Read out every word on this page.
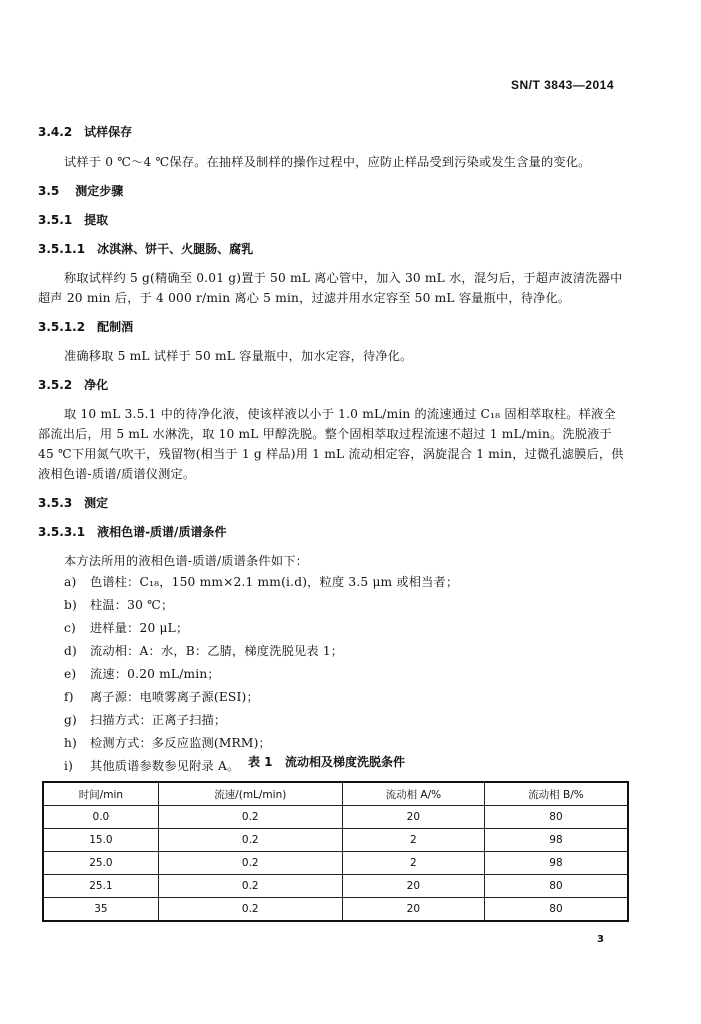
SN/T 3843—2014
3.4.2 试样保存
试样于 0 ℃～4 ℃保存。在抽样及制样的操作过程中，应防止样品受到污染或发生含量的变化。
3.5 测定步骤
3.5.1 提取
3.5.1.1 冰淇淋、饼干、火腿肠、腐乳
称取试样约 5 g(精确至 0.01 g)置于 50 mL 离心管中，加入 30 mL 水，混匀后，于超声波清洗器中
超声 20 min 后，于 4 000 r/min 离心 5 min，过滤并用水定容至 50 mL 容量瓶中，待净化。
3.5.1.2 配制酒
准确移取 5 mL 试样于 50 mL 容量瓶中，加水定容，待净化。
3.5.2 净化
取 10 mL 3.5.1 中的待净化液，使该样液以小于 1.0 mL/min 的流速通过 C₁₈ 固相萃取柱。样液全
部流出后，用 5 mL 水淋洗，取 10 mL 甲醇洗脱。整个固相萃取过程流速不超过 1 mL/min。洗脱液于
45 ℃下用氮气吹干，残留物(相当于 1 g 样品)用 1 mL 流动相定容，涡旋混合 1 min，过微孔滤膜后，供
液相色谱-质谱/质谱仪测定。
3.5.3 测定
3.5.3.1 液相色谱-质谱/质谱条件
本方法所用的液相色谱-质谱/质谱条件如下：
a) 色谱柱：C₁₈，150 mm×2.1 mm(i.d)，粒度 3.5 μm 或相当者；
b) 柱温：30 ℃；
c) 进样量：20 μL；
d) 流动相：A：水，B：乙腈，梯度洗脱见表 1；
e) 流速：0.20 mL/min；
f) 离子源：电喷雾离子源(ESI)；
g) 扫描方式：正离子扫描；
h) 检测方式：多反应监测(MRM)；
i) 其他质谱参数参见附录 A。 表 1   流动相及梯度洗脱条件
时间/min	流速/(mL/min)	流动相 A/%	流动相 B/%
0.0	0.2	20	80
15.0	0.2	2	98
25.0	0.2	2	98
25.1	0.2	20	80
35	0.2	20	80
3
